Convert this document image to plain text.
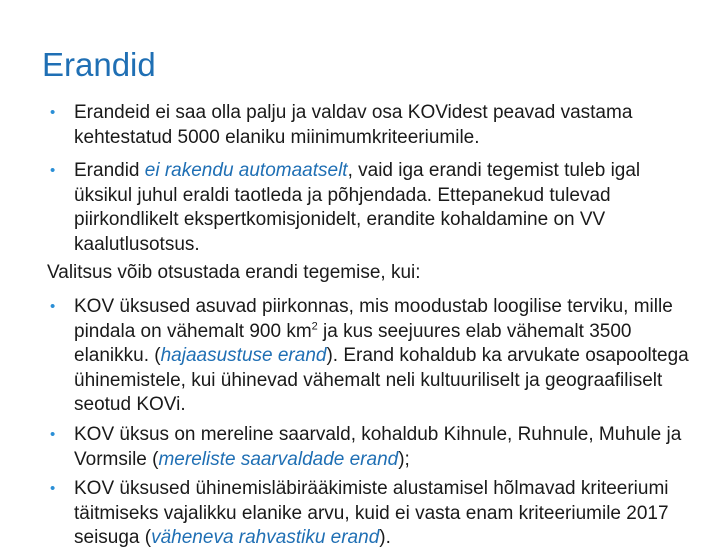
Erandid
• Erandeid ei saa olla palju ja valdav osa KOVidest peavad vastama kehtestatud 5000 elaniku miinimumkriteeriumile.
• Erandid ei rakendu automaatselt, vaid iga erandi tegemist tuleb igal üksikul juhul eraldi taotleda ja põhjendada. Ettepanekud tulevad piirkondlikelt ekspertkomisjonidelt, erandite kohaldamine on VV kaalutlusotsus.
Valitsus võib otsustada erandi tegemise, kui:
• KOV üksused asuvad piirkonnas, mis moodustab loogilise terviku, mille pindala on vähemalt 900 $km^2$ ja kus seejuures elab vähemalt 3500 elanikku. (hajaasustuse erand). Erand kohaldub ka arvukate osapooltega ühinemistele, kui ühinevad vähemalt neli kultuuriliselt ja geograafiliselt seotud KOVi.
• KOV üksus on mereline saarvald, kohaldub Kihnule, Ruhnule, Muhule ja Vormsile (mereliste saarvaldade erand);
• KOV üksused ühinemisläbirääkimiste alustamisel hõlmavad kriteeriumi täitmiseks vajalikku elanike arvu, kuid ei vasta enam kriteeriumile 2017 seisuga (väheneva rahvastiku erand).
